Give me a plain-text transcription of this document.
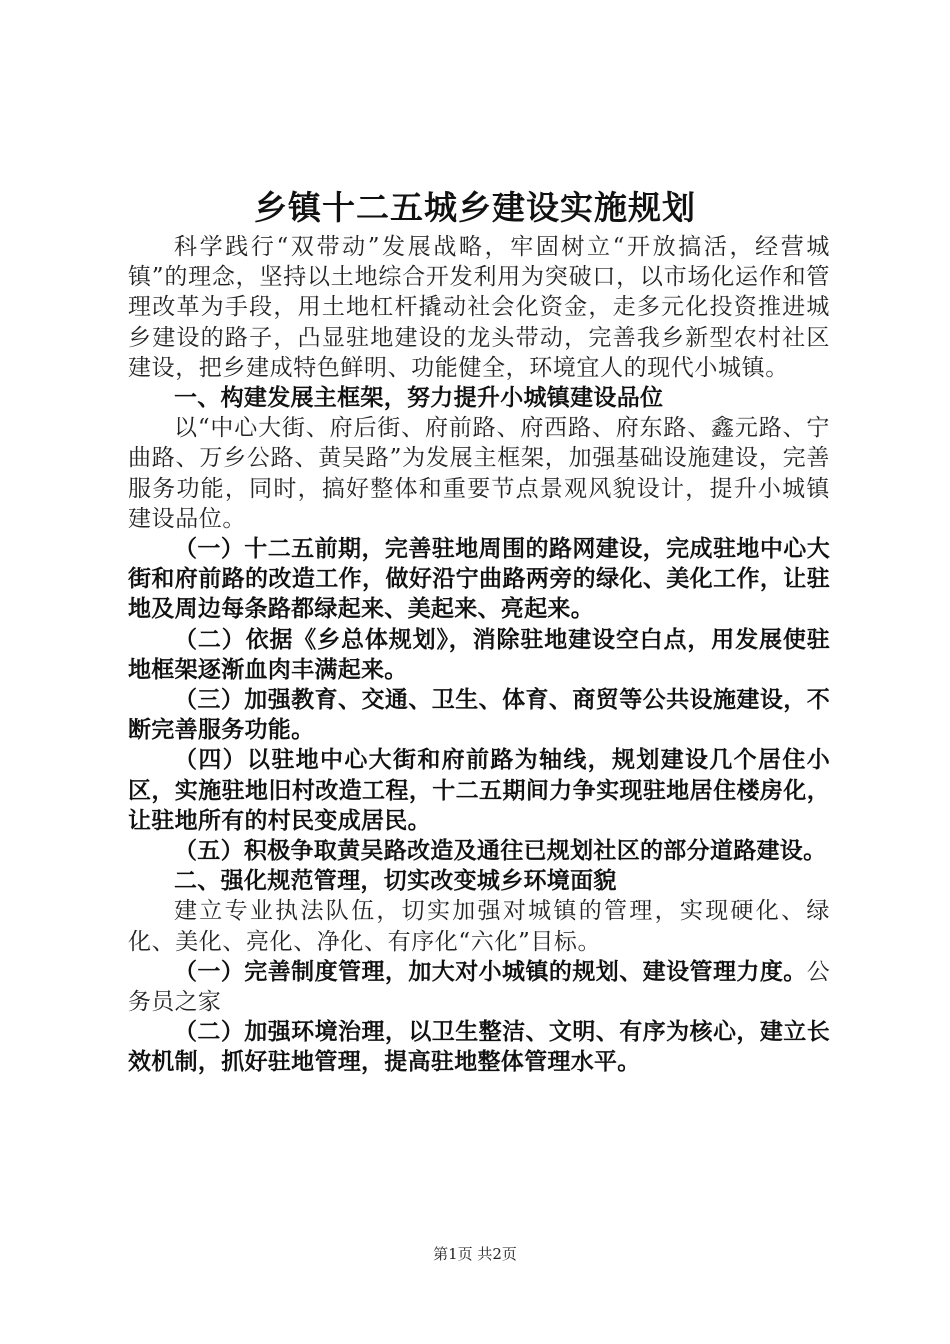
乡镇十二五城乡建设实施规划

科学践行“双带动”发展战略，牢固树立“开放搞活，经营城镇”的理念，坚持以土地综合开发利用为突破口，以市场化运作和管理改革为手段，用土地杠杆撬动社会化资金，走多元化投资推进城乡建设的路子，凸显驻地建设的龙头带动，完善我乡新型农村社区建设，把乡建成特色鲜明、功能健全，环境宜人的现代小城镇。

一、构建发展主框架，努力提升小城镇建设品位

以“中心大街、府后街、府前路、府西路、府东路、鑫元路、宁曲路、万乡公路、黄吴路”为发展主框架，加强基础设施建设，完善服务功能，同时，搞好整体和重要节点景观风貌设计，提升小城镇建设品位。

（一）十二五前期，完善驻地周围的路网建设，完成驻地中心大街和府前路的改造工作，做好沿宁曲路两旁的绿化、美化工作，让驻地及周边每条路都绿起来、美起来、亮起来。

（二）依据《乡总体规划》，消除驻地建设空白点，用发展使驻地框架逐渐血肉丰满起来。

（三）加强教育、交通、卫生、体育、商贸等公共设施建设，不断完善服务功能。

（四）以驻地中心大街和府前路为轴线，规划建设几个居住小区，实施驻地旧村改造工程，十二五期间力争实现驻地居住楼房化，让驻地所有的村民变成居民。

（五）积极争取黄吴路改造及通往已规划社区的部分道路建设。

二、强化规范管理，切实改变城乡环境面貌

建立专业执法队伍，切实加强对城镇的管理，实现硬化、绿化、美化、亮化、净化、有序化“六化”目标。

（一）完善制度管理，加大对小城镇的规划、建设管理力度。公务员之家

（二）加强环境治理，以卫生整洁、文明、有序为核心，建立长效机制，抓好驻地管理，提高驻地整体管理水平。

第1页 共2页
